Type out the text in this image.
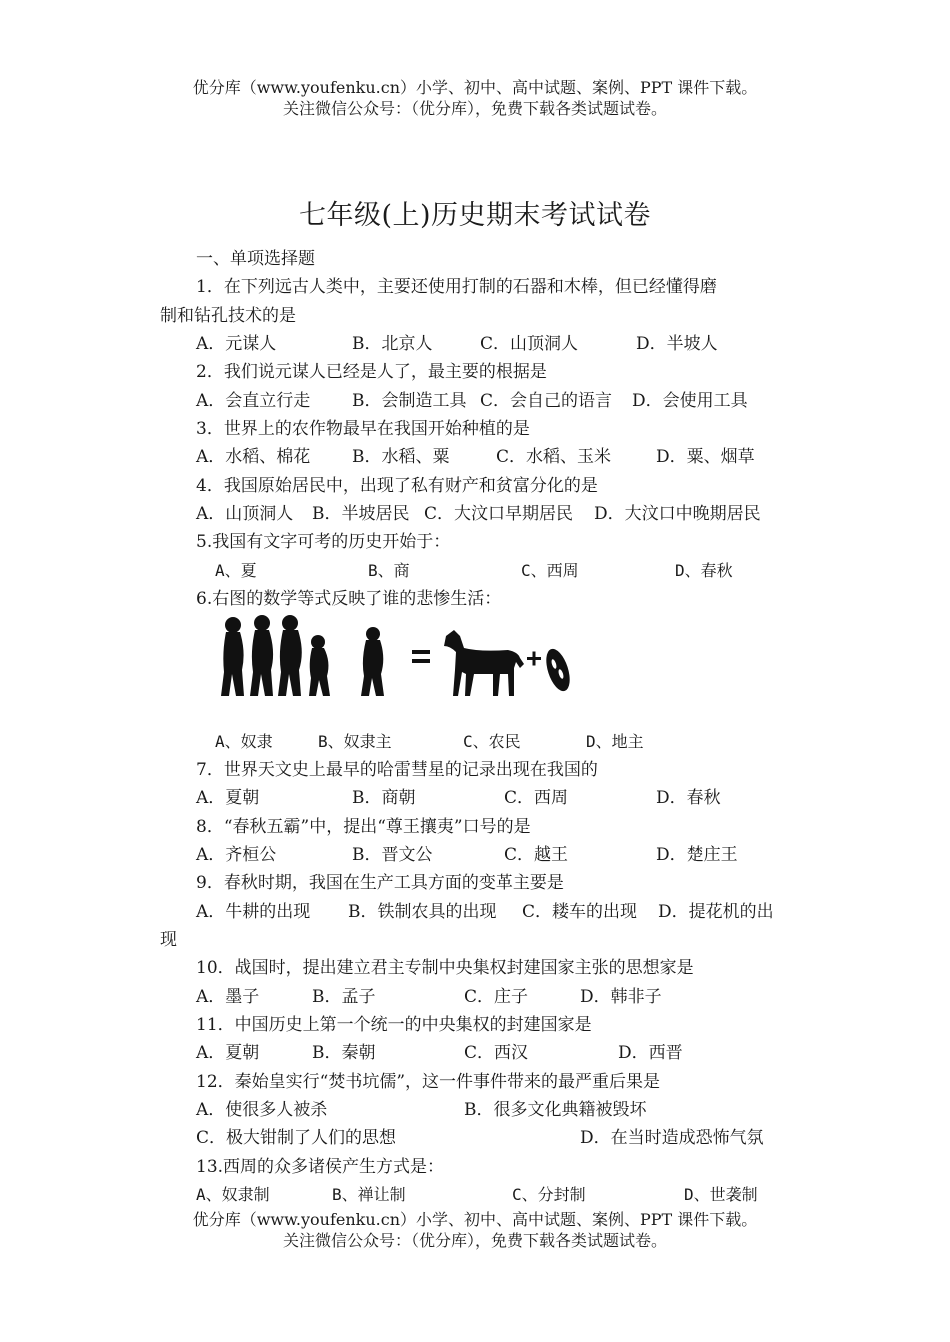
优分库（www.youfenku.cn）小学、初中、高中试题、案例、PPT 课件下载。
关注微信公众号：（优分库），免费下载各类试题试卷。
七年级(上)历史期末考试试卷
一、单项选择题
1．在下列远古人类中，主要还使用打制的石器和木棒，但已经懂得磨
制和钻孔技术的是
A．元谋人	B．北京人	C．山顶洞人	D．半坡人
2．我们说元谋人已经是人了，最主要的根据是
A．会直立行走 B．会制造工具 C．会自己的语言 D．会使用工具
3．世界上的农作物最早在我国开始种植的是
A．水稻、棉花 B．水稻、粟	C．水稻、玉米	D．粟、烟草
4．我国原始居民中，出现了私有财产和贫富分化的是
A．山顶洞人 B．半坡居民 C．大汶口早期居民 D．大汶口中晚期居民
5.我国有文字可考的历史开始于：
A、夏	B、商	C、西周	D、春秋
6.右图的数学等式反映了谁的悲惨生活：
A、奴隶	B、奴隶主	C、农民	D、地主
7．世界天文史上最早的哈雷彗星的记录出现在我国的
A．夏朝	B．商朝	C．西周	D．春秋
8．“春秋五霸”中，提出“尊王攘夷”口号的是
A．齐桓公	B．晋文公	C．越王	D．楚庄王
9．春秋时期，我国在生产工具方面的变革主要是
A．牛耕的出现 B．铁制农具的出现 C．耧车的出现 D．提花机的出
现
10．战国时，提出建立君主专制中央集权封建国家主张的思想家是
A．墨子	B．孟子	C．庄子	D．韩非子
11．中国历史上第一个统一的中央集权的封建国家是
A．夏朝	B．秦朝	C．西汉	D．西晋
12．秦始皇实行“焚书坑儒”，这一件事件带来的最严重后果是
A．使很多人被杀	B．很多文化典籍被毁坏
C．极大钳制了人们的思想	D．在当时造成恐怖气氛
13.西周的众多诸侯产生方式是：
A、奴隶制	B、禅让制	C、分封制	D、世袭制
优分库（www.youfenku.cn）小学、初中、高中试题、案例、PPT 课件下载。
关注微信公众号：（优分库），免费下载各类试题试卷。
